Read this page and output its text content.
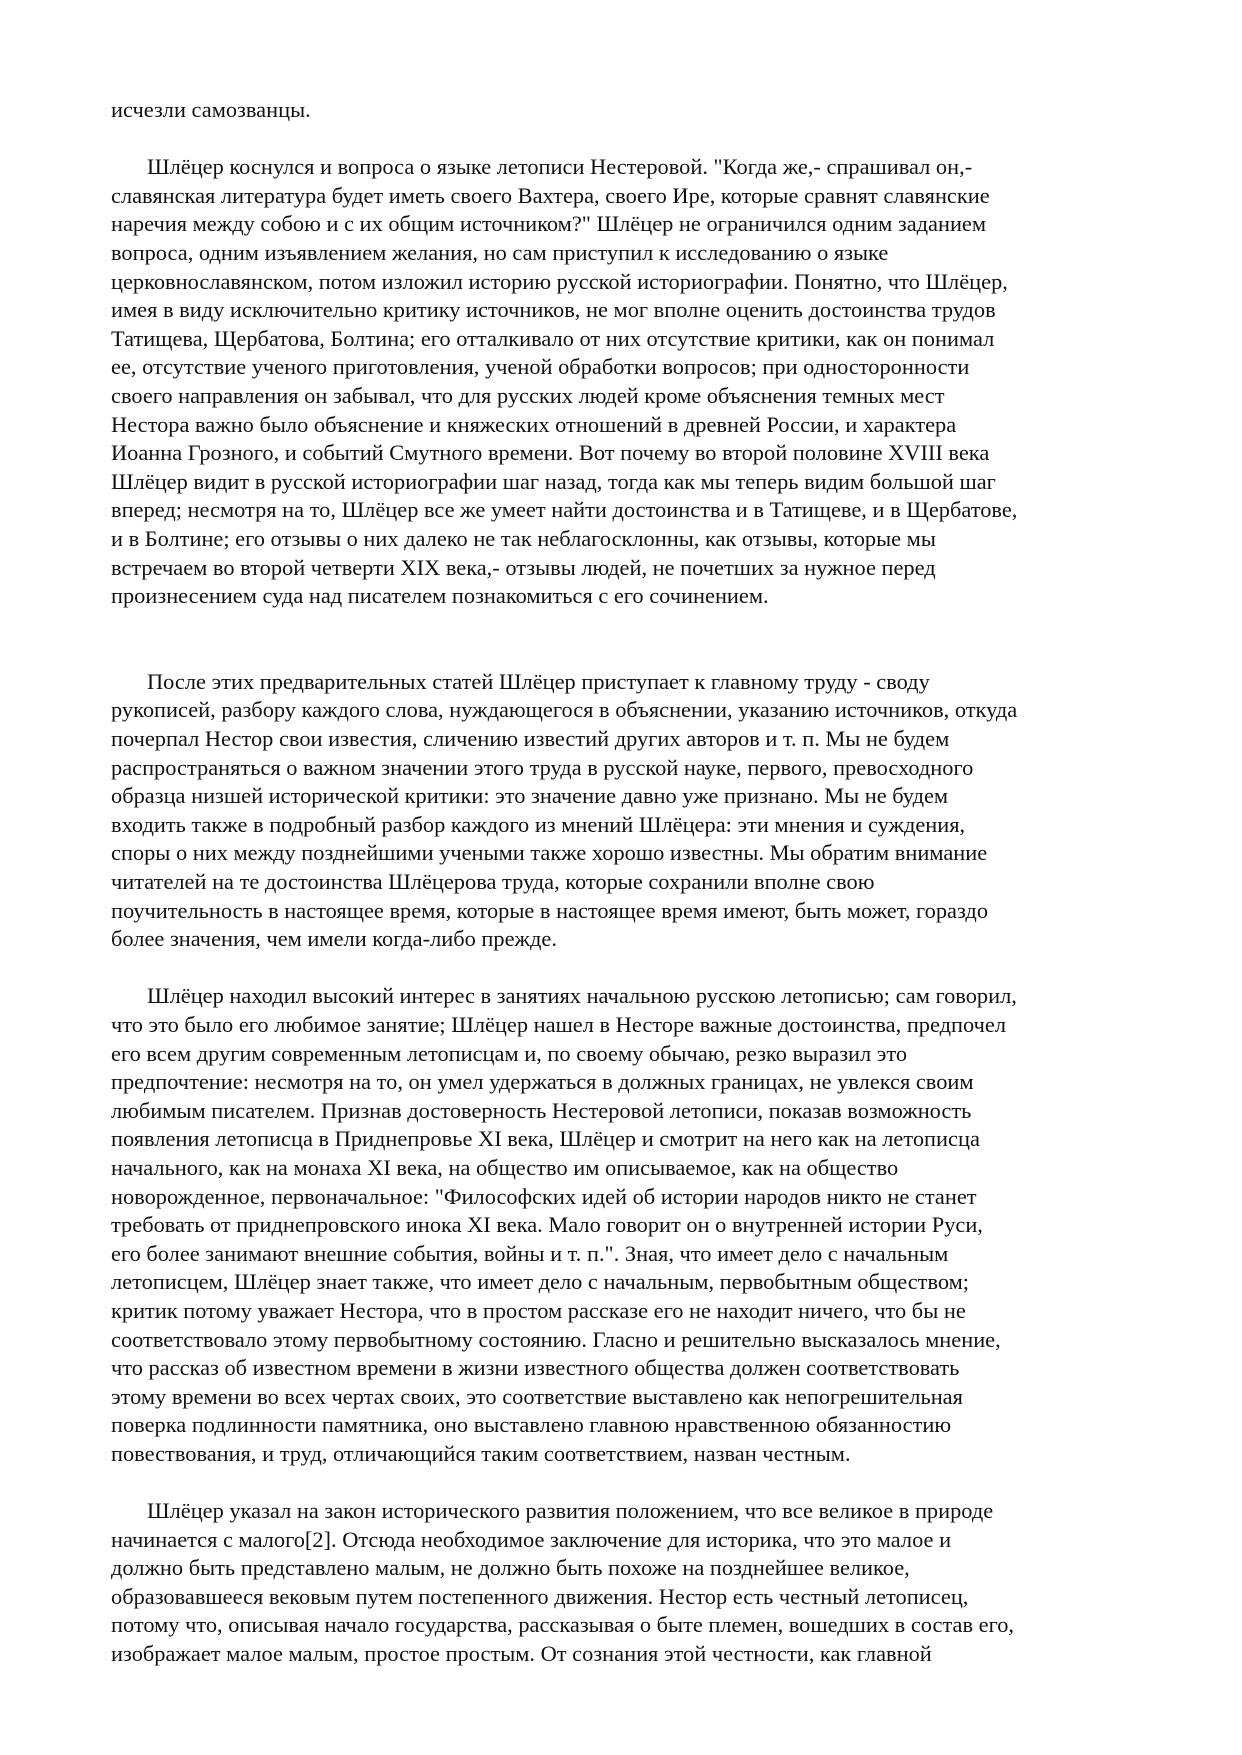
исчезли самозванцы.
Шлёцер коснулся и вопроса о языке летописи Нестеровой. "Когда же,- спрашивал он,-
славянская литература будет иметь своего Вахтера, своего Ире, которые сравнят славянские
наречия между собою и с их общим источником?" Шлёцер не ограничился одним заданием
вопроса, одним изъявлением желания, но сам приступил к исследованию о языке
церковнославянском, потом изложил историю русской историографии. Понятно, что Шлёцер,
имея в виду исключительно критику источников, не мог вполне оценить достоинства трудов
Татищева, Щербатова, Болтина; его отталкивало от них отсутствие критики, как он понимал
ее, отсутствие ученого приготовления, ученой обработки вопросов; при односторонности
своего направления он забывал, что для русских людей кроме объяснения темных мест
Нестора важно было объяснение и княжеских отношений в древней России, и характера
Иоанна Грозного, и событий Смутного времени. Вот почему во второй половине XVIII века
Шлёцер видит в русской историографии шаг назад, тогда как мы теперь видим большой шаг
вперед; несмотря на то, Шлёцер все же умеет найти достоинства и в Татищеве, и в Щербатове,
и в Болтине; его отзывы о них далеко не так неблагосклонны, как отзывы, которые мы
встречаем во второй четверти XIX века,- отзывы людей, не почетших за нужное перед
произнесением суда над писателем познакомиться с его сочинением.
После этих предварительных статей Шлёцер приступает к главному труду - своду
рукописей, разбору каждого слова, нуждающегося в объяснении, указанию источников, откуда
почерпал Нестор свои известия, сличению известий других авторов и т. п. Мы не будем
распространяться о важном значении этого труда в русской науке, первого, превосходного
образца низшей исторической критики: это значение давно уже признано. Мы не будем
входить также в подробный разбор каждого из мнений Шлёцера: эти мнения и суждения,
споры о них между позднейшими учеными также хорошо известны. Мы обратим внимание
читателей на те достоинства Шлёцерова труда, которые сохранили вполне свою
поучительность в настоящее время, которые в настоящее время имеют, быть может, гораздо
более значения, чем имели когда-либо прежде.
Шлёцер находил высокий интерес в занятиях начальною русскою летописью; сам говорил,
что это было его любимое занятие; Шлёцер нашел в Несторе важные достоинства, предпочел
его всем другим современным летописцам и, по своему обычаю, резко выразил это
предпочтение: несмотря на то, он умел удержаться в должных границах, не увлекся своим
любимым писателем. Признав достоверность Нестеровой летописи, показав возможность
появления летописца в Приднепровье XI века, Шлёцер и смотрит на него как на летописца
начального, как на монаха XI века, на общество им описываемое, как на общество
новорожденное, первоначальное: "Философских идей об истории народов никто не станет
требовать от приднепровского инока XI века. Мало говорит он о внутренней истории Руси,
его более занимают внешние события, войны и т. п.". Зная, что имеет дело с начальным
летописцем, Шлёцер знает также, что имеет дело с начальным, первобытным обществом;
критик потому уважает Нестора, что в простом рассказе его не находит ничего, что бы не
соответствовало этому первобытному состоянию. Гласно и решительно высказалось мнение,
что рассказ об известном времени в жизни известного общества должен соответствовать
этому времени во всех чертах своих, это соответствие выставлено как непогрешительная
поверка подлинности памятника, оно выставлено главною нравственною обязанностию
повествования, и труд, отличающийся таким соответствием, назван честным.
Шлёцер указал на закон исторического развития положением, что все великое в природе
начинается с малого[2]. Отсюда необходимое заключение для историка, что это малое и
должно быть представлено малым, не должно быть похоже на позднейшее великое,
образовавшееся вековым путем постепенного движения. Нестор есть честный летописец,
потому что, описывая начало государства, рассказывая о быте племен, вошедших в состав его,
изображает малое малым, простое простым. От сознания этой честности, как главной
